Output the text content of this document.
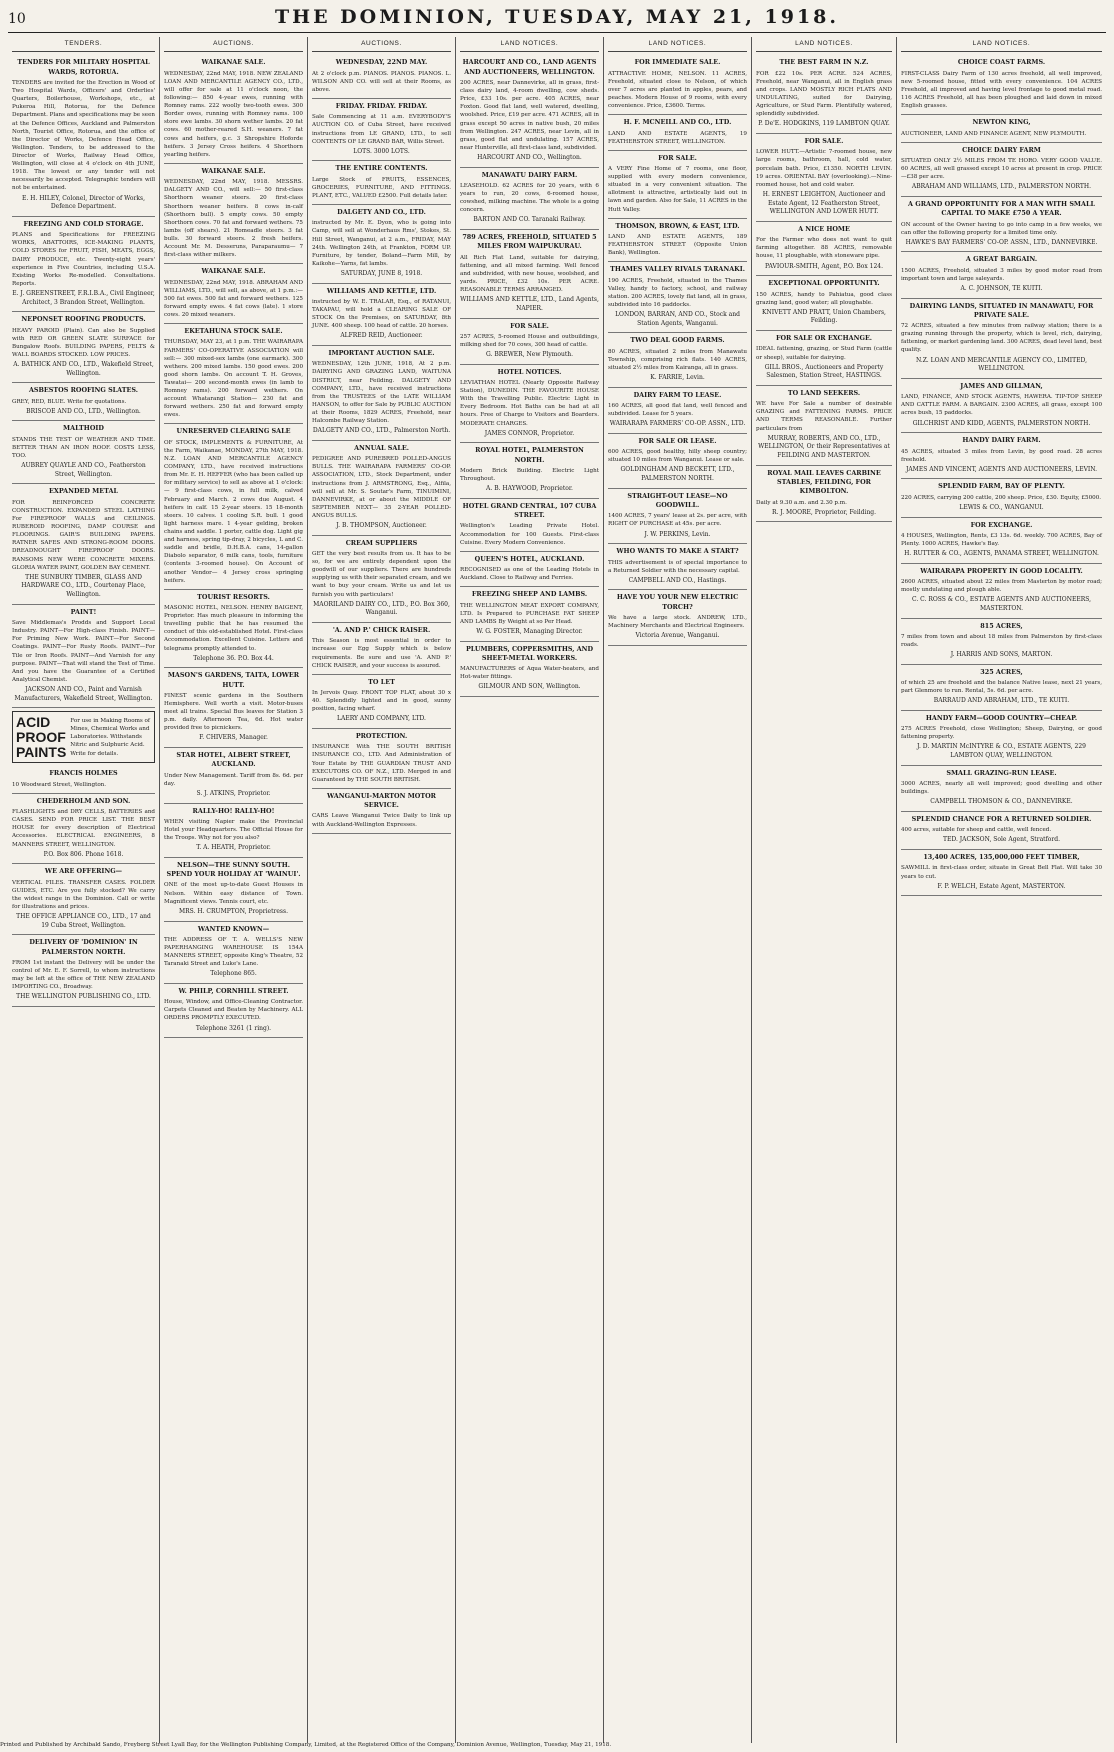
10	THE DOMINION, TUESDAY, MAY 21, 1918.
TENDERS.
TENDERS FOR MILITARY HOSPITAL WARDS, ROTORUA.
TENDERS are invited for the Erection in Wood of Two Hospital Wards, Officers' and Orderlies' Quarters, Boilerhouse, Workshops, etc., at Pukeroa Hill, Rotorua, for the Defence Department. Plans and specifications may be seen at the Defence Offices, Auckland and Palmerston North, Tourist Office, Rotorua, and the office of the Director of Works, Defence Head Office, Wellington. Tenders, to be addressed to the Director of Works, Railway Head Office, Wellington, will close at 4 o'clock on 4th JUNE, 1918. The lowest or any tender will not necessarily be accepted. Telegraphic tenders will not be entertained.
E. H. HILEY, Colonel, Director of Works, Defence Department.
FREEZING AND COLD STORAGE.
PLANS and Specifications for FREEZING WORKS, ABATTOIRS, ICE-MAKING PLANTS, COLD STORES for FRUIT, FISH, MEATS, EGGS, DAIRY PRODUCE, etc. Twenty-eight years' experience in Five Countries, including U.S.A. Existing Works Re-modelled. Consultations. Reports.
E. J. GREENSTREET, F.R.I.B.A., Civil Engineer, Architect, 3 Brandon Street, Wellington.
NEPONSET ROOFING PRODUCTS.
HEAVY PAROID (Plain). Can also be Supplied with RED OR GREEN SLATE SURFACE for Bungalow Roofs. BUILDING PAPERS, FELTS & WALL BOARDS STOCKED. LOW PRICES.
A. BATHICK AND CO., LTD., Wakefield Street, Wellington.
ASBESTOS ROOFING SLATES.
GREY, RED, BLUE. Write for quotations.
BRISCOE AND CO., LTD., Wellington.
MALTHOID
STANDS THE TEST OF WEATHER AND TIME. BETTER THAN AN IRON ROOF. COSTS LESS, TOO.
AUBREY QUAYLE AND CO., Featherston Street, Wellington.
EXPANDED METAL
FOR REINFORCED CONCRETE CONSTRUCTION. EXPANDED STEEL LATHING For FIREPROOF WALLS and CEILINGS. RUBEROID ROOFING, DAMP COURSE and FLOORINGS. GAIR'S BUILDING PAPERS. RATNER SAFES AND STRONG-ROOM DOORS. DREADNOUGHT FIREPROOF DOORS. RANSOMS NEW WERE CONCRETE MIXERS. GLORIA WATER PAINT, GOLDEN BAY CEMENT.
THE SUNBURY TIMBER, GLASS AND HARDWARE CO., LTD., Courtenay Place, Wellington.
PAINT!
Save Middlemas's Prodds and Support Local Industry. PAINT—For High-class Finish. PAINT—For Priming New Work. PAINT—For Second Coatings. PAINT—For Rusty Roofs. PAINT—For Tile or Iron Roofs. PAINT—And Varnish for any purpose. PAINT—That will stand the Test of Time. And you have the Guarantee of a Certified Analytical Chemist.
JACKSON AND CO., Paint and Varnish Manufacturers, Wakefield Street, Wellington.
ACID PROOF PAINTS
For use in Making Rooms of Mines, Chemical Works and Laboratories. Withstands Nitric and Sulphuric Acid. Write for details.
FRANCIS HOLMES
10 Woodward Street, Wellington.
CHEDERHOLM AND SON.
FLASHLIGHTS and DRY CELLS, BATTERIES and CASES. SEND FOR PRICE LIST. THE BEST HOUSE for every description of Electrical Accessories. ELECTRICAL ENGINEERS, 8 MANNERS STREET, WELLINGTON.
P.O. Box 806. Phone 1618.
WE ARE OFFERING—
VERTICAL FILES. TRANSFER CASES. FOLDER GUIDES, ETC. Are you fully stocked? We carry the widest range in the Dominion. Call or write for illustrations and prices.
THE OFFICE APPLIANCE CO., LTD., 17 and 19 Cuba Street, Wellington.
DELIVERY OF 'DOMINION' IN PALMERSTON NORTH.
FROM 1st instant the Delivery will be under the control of Mr. E. F. Sorrell, to whom instructions may be left at the office of THE NEW ZEALAND IMPORTING CO., Broadway.
THE WELLINGTON PUBLISHING CO., LTD.
AUCTIONS.
WAIKANAE SALE.
WEDNESDAY, 22nd MAY, 1918. NEW ZEALAND LOAN AND MERCANTILE AGENCY CO., LTD., will offer for sale at 11 o'clock noon, the following:— 850 4-year ewes, running with Romney rams. 222 woolly two-tooth ewes. 300 Border owes, running with Romney rams. 100 store ewe lambs. 30 shorn wether lambs. 20 fat cows. 60 mother-reared S.H. weaners. 7 fat cows and heifers, g.c. 3 Shropshire Hoforde heifers. 3 Jersey Cross heifers. 4 Shorthorn yearling heifers.
WAIKANAE SALE.
WEDNESDAY, 22nd MAY, 1918. MESSRS. DALGETY AND CO., will sell:— 50 first-class Shorthorn weaner steers. 20 first-class Shorthorn weaner heifers. 8 cows in-calf (Shorthorn bull). 5 empty cows. 50 empty Shorthorn cows. 70 fat and forward wethers. 75 lambs (off shears). 21 Romeadle steers. 3 fat bulls. 30 forward steers. 2 fresh heifers. Account Mr. M. Desseruns, Paraparaumu— 7 first-class wither milkers.
WAIKANAE SALE.
WEDNESDAY, 22nd MAY, 1918. ABRAHAM AND WILLIAMS, LTD., will sell, as above, at 1 p.m.:— 500 fat ewes. 500 fat and forward wethers. 125 forward empty ewes. 4 fat cows (late). 1 store cows. 20 mixed weaners.
EKETAHUNA STOCK SALE.
THURSDAY, MAY 23, at 1 p.m. THE WAIRARAPA FARMERS' CO-OPERATIVE ASSOCIATION will sell:— 300 mixed-sex lambs (one earmark). 300 wethers. 200 mixed lambs. 150 good ewes. 200 good shorn lambs. On account T. H. Groves, Tawatai— 200 second-month ewes (in lamb to Romney rams). 200 forward wethers. On account Whatarangi Station— 230 fat and forward wethers. 250 fat and forward empty ewes.
UNRESERVED CLEARING SALE
OF STOCK, IMPLEMENTS & FURNITURE, At the Farm, Waikanae, MONDAY, 27th MAY, 1918. N.Z. LOAN AND MERCANTILE AGENCY COMPANY, LTD., have received instructions from Mr. E. H. HEFFER (who has been called up for military service) to sell as above at 1 o'clock:— 9 first-class cows, in full milk, calved February and March. 2 cows due August. 4 heifers in calf. 15 2-year steers. 15 18-month steers. 10 calves. 1 cooling S.R. bull. 1 good light harness mare. 1 4-year gelding, broken chains and saddle. 1 porter, cattle dog. Light gig and harness, spring tip-dray, 2 bicycles, L and C. saddle and bridle, D.H.B.A. cans, 14-gallon Diabolo separator, 6 milk cans, tools, furniture (contents 3-roomed house). On Account of another Vendor— 4 Jersey cross springing heifers.
TOURIST RESORTS.
MASONIC HOTEL, NELSON. HENRY BAIGENT, Proprietor. Has much pleasure in informing the travelling public that he has resumed the conduct of this old-established Hotel. First-class Accommodation. Excellent Cuisine. Letters and telegrams promptly attended to.
Telephone 36. P.O. Box 44.
MASON'S GARDENS, TAITA, LOWER HUTT.
FINEST scenic gardens in the Southern Hemisphere. Well worth a visit. Motor-buses meet all trains. Special Bus leaves for Station 3 p.m. daily. Afternoon Tea, 6d. Hot water provided free to picnickers.
F. CHIVERS, Manager.
STAR HOTEL, ALBERT STREET, AUCKLAND.
Under New Management. Tariff from 8s. 6d. per day.
S. J. ATKINS, Proprietor.
RALLY-HO! RALLY-HO!
WHEN visiting Napier make the Provincial Hotel your Headquarters. The Official House for the Troops. Why not for you also?
T. A. HEATH, Proprietor.
NELSON—THE SUNNY SOUTH. SPEND YOUR HOLIDAY AT 'WAINUI'.
ONE of the most up-to-date Guest Houses in Nelson. Within easy distance of Town. Magnificent views. Tennis court, etc.
MRS. H. CRUMPTON, Proprietress.
WANTED KNOWN—
THE ADDRESS OF T. A. WELLS'S NEW PAPERHANGING WAREHOUSE IS 154A MANNERS STREET, opposite King's Theatre, 52 Taranaki Street and Luke's Lane.
Telephone 865.
W. PHILP, CORNHILL STREET.
House, Window, and Office-Cleaning Contractor. Carpets Cleaned and Beaten by Machinery. ALL ORDERS PROMPTLY EXECUTED.
Telephone 3261 (1 ring).
AUCTIONS.
WEDNESDAY, 22ND MAY.
At 2 o'clock p.m. PIANOS. PIANOS. PIANOS. L. WILSON AND CO. will sell at their Rooms, as above.
FRIDAY. FRIDAY. FRIDAY.
Sale Commencing at 11 a.m. EVERYBODY'S AUCTION CO. of Cuba Street, have received instructions from LE GRAND, LTD., to sell CONTENTS OF LE GRAND BAR, Willis Street.
LOTS. 3000 LOTS.
THE ENTIRE CONTENTS.
Large Stock of FRUITS, ESSENCES, GROCERIES, FURNITURE, AND FITTINGS. PLANT, ETC., VALUED £2500. Full details later.
DALGETY AND CO., LTD.
instructed by Mr. E. Dyon, who is going into Camp, will sell at Wonderhaus Rms', Stokes, St. Hill Street, Wanganui, at 2 a.m., FRIDAY, MAY 24th. Wellington 24th, at Frankton, FORM UP. Furniture, by tender, Boland—Farm Mill, by Kaikohe—Yarns, fat lambs.
SATURDAY, JUNE 8, 1918.
WILLIAMS AND KETTLE, LTD.
instructed by W. E. TRALAR, Esq., of RATANUI, TAKAPAU, will hold a CLEARING SALE OF STOCK On the Premises, on SATURDAY, 8th JUNE. 400 sheep. 100 head of cattle. 20 horses.
ALFRED REID, Auctioneer.
IMPORTANT AUCTION SALE.
WEDNESDAY, 12th JUNE, 1918, At 2 p.m. DAIRYING AND GRAZING LAND, WAITUNA DISTRICT, near Feilding. DALGETY AND COMPANY, LTD., have received instructions from the TRUSTEES of the LATE WILLIAM HANSON, to offer for Sale by PUBLIC AUCTION at their Rooms, 1829 ACRES, Freehold, near Halcombe Railway Station.
DALGETY AND CO., LTD., Palmerston North.
ANNUAL SALE.
PEDIGREE AND PUREBRED POLLED-ANGUS BULLS. THE WAIRARAPA FARMERS' CO-OP. ASSOCIATION, LTD., Stock Department, under instructions from J. ARMSTRONG, Esq., Alfila, will sell at Mr. S. Soutar's Farm, TINUIMINI, DANNEVIRKE, at or about the MIDDLE OF SEPTEMBER NEXT— 35 2-YEAR POLLED-ANGUS BULLS.
J. B. THOMPSON, Auctioneer.
CREAM SUPPLIERS
GET the very best results from us. It has to be so, for we are entirely dependent upon the goodwill of our suppliers. There are hundreds supplying us with their separated cream, and we want to buy your cream. Write us and let us furnish you with particulars!
MAORILAND DAIRY CO., LTD., P.O. Box 360, Wanganui.
'A. AND P.' CHICK RAISER.
This Season is most essential in order to increase our Egg Supply which is below requirements. Be sure and use 'A. AND P.' CHICK RAISER, and your success is assured.
TO LET
In Jervois Quay. FRONT TOP FLAT, about 30 x 40. Splendidly lighted and in good, sunny position, facing wharf.
LAERY AND COMPANY, LTD.
PROTECTION.
INSURANCE With THE SOUTH BRITISH INSURANCE CO., LTD. And Administration of Your Estate by THE GUARDIAN TRUST AND EXECUTORS CO. OF N.Z., LTD. Merged in and Guaranteed by THE SOUTH BRITISH.
WANGANUI-MARTON MOTOR SERVICE.
CARS Leave Wanganui Twice Daily to link up with Auckland-Wellington Expresses.
LAND NOTICES.
HARCOURT AND CO., LAND AGENTS AND AUCTIONEERS, WELLINGTON.
200 ACRES, near Dannevirke, all in grass, first-class dairy land, 4-room dwelling, cow sheds. Price, £33 10s. per acre. 405 ACRES, near Foxton. Good flat land, well watered, dwelling, woolshed. Price, £19 per acre. 471 ACRES, all in grass except 50 acres in native bush, 20 miles from Wellington. 247 ACRES, near Levin, all in grass, good flat and undulating. 157 ACRES, near Hunterville, all first-class land, subdivided.
HARCOURT AND CO., Wellington.
MANAWATU DAIRY FARM.
LEASEHOLD. 62 ACRES for 20 years, with 6 years to run, 20 cows, 6-roomed house, cowshed, milking machine. The whole is a going concern.
BARTON AND CO. Taranaki Railway.
789 ACRES, FREEHOLD, SITUATED 5 MILES FROM WAIPUKURAU.
All Rich Flat Land, suitable for dairying, fattening, and all mixed farming. Well fenced and subdivided, with new house, woolshed, and yards. PRICE, £32 10s. PER ACRE. REASONABLE TERMS ARRANGED.
WILLIAMS AND KETTLE, LTD., Land Agents, NAPIER.
FOR SALE.
257 ACRES, 5-roomed House and outbuildings, milking shed for 70 cows, 300 head of cattle.
G. BREWER, New Plymouth.
HOTEL NOTICES.
LEVIATHAN HOTEL (Nearly Opposite Railway Station), DUNEDIN. THE FAVOURITE HOUSE With the Travelling Public. Electric Light in Every Bedroom. Hot Baths can be had at all hours. Free of Charge to Visitors and Boarders. MODERATE CHARGES.
JAMES CONNOR, Proprietor.
ROYAL HOTEL, PALMERSTON NORTH.
Modern Brick Building. Electric Light Throughout.
A. B. HAYWOOD, Proprietor.
HOTEL GRAND CENTRAL, 107 CUBA STREET.
Wellington's Leading Private Hotel. Accommodation for 100 Guests. First-class Cuisine. Every Modern Convenience.
QUEEN'S HOTEL, AUCKLAND.
RECOGNISED as one of the Leading Hotels in Auckland. Close to Railway and Ferries.
FREEZING SHEEP AND LAMBS.
THE WELLINGTON MEAT EXPORT COMPANY, LTD. Is Prepared to PURCHASE FAT SHEEP AND LAMBS By Weight at so Per Head.
W. G. FOSTER, Managing Director.
PLUMBERS, COPPERSMITHS, AND SHEET-METAL WORKERS.
MANUFACTURERS of Aqua Water-heaters, and Hot-water fittings.
GILMOUR AND SON, Wellington.
LAND NOTICES.
FOR IMMEDIATE SALE.
ATTRACTIVE HOME, NELSON. 11 ACRES, Freehold, situated close to Nelson, of which over 7 acres are planted in apples, pears, and peaches. Modern House of 9 rooms, with every convenience. Price, £3600. Terms.
H. F. MCNEILL AND CO., LTD.
LAND AND ESTATE AGENTS, 19 FEATHERSTON STREET, WELLINGTON.
FOR SALE.
A VERY Fine Home of 7 rooms, one floor, supplied with every modern convenience, situated in a very convenient situation. The allotment is attractive, artistically laid out in lawn and garden. Also for Sale, 11 ACRES in the Hutt Valley.
THOMSON, BROWN, & EAST, LTD.
LAND AND ESTATE AGENTS, 189 FEATHERSTON STREET (Opposite Union Bank), Wellington.
THAMES VALLEY RIVALS TARANAKI.
190 ACRES, Freehold, situated in the Thames Valley, handy to factory, school, and railway station. 200 ACRES, lovely flat land, all in grass, subdivided into 16 paddocks.
LONDON, BARRAN, AND CO., Stock and Station Agents, Wanganui.
TWO DEAL GOOD FARMS.
80 ACRES, situated 2 miles from Manawatu Township, comprising rich flats. 140 ACRES, situated 2½ miles from Kairanga, all in grass.
K. FARRIE, Levin.
DAIRY FARM TO LEASE.
160 ACRES, all good flat land, well fenced and subdivided. Lease for 5 years.
WAIRARAPA FARMERS' CO-OP. ASSN., LTD.
FOR SALE OR LEASE.
600 ACRES, good healthy, hilly sheep country; situated 10 miles from Wanganui. Lease or sale.
GOLDINGHAM AND BECKETT, LTD., PALMERSTON NORTH.
STRAIGHT-OUT LEASE—NO GOODWILL.
1400 ACRES, 7 years' lease at 2s. per acre, with RIGHT OF PURCHASE at 45s. per acre.
J. W. PERKINS, Levin.
WHO WANTS TO MAKE A START?
THIS advertisement is of special importance to a Returned Soldier with the necessary capital.
CAMPBELL AND CO., Hastings.
HAVE YOU YOUR NEW ELECTRIC TORCH?
We have a large stock. ANDREW, LTD., Machinery Merchants and Electrical Engineers.
Victoria Avenue, Wanganui.
LAND NOTICES.
THE BEST FARM IN N.Z.
FOR £22 10s. PER ACRE. 524 ACRES, Freehold, near Wanganui, all in English grass and crops. LAND MOSTLY RICH FLATS AND UNDULATING, suited for Dairying, Agriculture, or Stud Farm. Plentifully watered, splendidly subdivided.
P. De'E. HODGKINS, 119 LAMBTON QUAY.
FOR SALE.
LOWER HUTT.—Artistic 7-roomed house, new large rooms, bathroom, hall, cold water, porcelain bath. Price, £1350. NORTH LEVIN. 19 acres. ORIENTAL BAY (overlooking).—Nine-roomed house, hot and cold water.
H. ERNEST LEIGHTON, Auctioneer and Estate Agent, 12 Featherston Street, WELLINGTON AND LOWER HUTT.
A NICE HOME
For the Farmer who does not want to quit farming altogether. 88 ACRES, removable house, 11 ploughable, with stoneware pipe.
PAVIOUR-SMITH, Agent, P.O. Box 124.
EXCEPTIONAL OPPORTUNITY.
150 ACRES, handy to Pahiatua, good class grazing land, good water; all ploughable.
KNIVETT AND PRATT, Union Chambers, Feilding.
FOR SALE OR EXCHANGE.
IDEAL fattening, grazing, or Stud Farm (cattle or sheep), suitable for dairying.
GILL BROS., Auctioneers and Property Salesmen, Station Street, HASTINGS.
TO LAND SEEKERS.
WE have For Sale a number of desirable GRAZING and FATTENING FARMS. PRICE AND TERMS REASONABLE. Further particulars from
MURRAY, ROBERTS, AND CO., LTD., WELLINGTON, Or their Representatives at FEILDING AND MASTERTON.
ROYAL MAIL LEAVES CARBINE STABLES, FEILDING, FOR KIMBOLTON.
Daily at 9.30 a.m. and 2.30 p.m.
R. J. MOORE, Proprietor, Feilding.
LAND NOTICES.
CHOICE COAST FARMS.
FIRST-CLASS Dairy Farm of 130 acres freehold, all well improved, new 5-roomed house, fitted with every convenience. 104 ACRES Freehold, all improved and having level frontage to good metal road. 116 ACRES Freehold, all has been ploughed and laid down in mixed English grasses.
NEWTON KING,
AUCTIONEER, LAND AND FINANCE AGENT, NEW PLYMOUTH.
CHOICE DAIRY FARM
SITUATED ONLY 2½ MILES FROM TE HORO. VERY GOOD VALUE. 60 ACRES, all well grassed except 10 acres at present in crop. PRICE—£38 per acre.
ABRAHAM AND WILLIAMS, LTD., PALMERSTON NORTH.
A GRAND OPPORTUNITY FOR A MAN WITH SMALL CAPITAL TO MAKE £750 A YEAR.
ON account of the Owner having to go into camp in a few weeks, we can offer the following property for a limited time only.
HAWKE'S BAY FARMERS' CO-OP. ASSN., LTD., DANNEVIRKE.
A GREAT BARGAIN.
1500 ACRES, Freehold, situated 3 miles by good motor road from important town and large saleyards.
A. C. JOHNSON, TE KUITI.
DAIRYING LANDS, SITUATED IN MANAWATU, FOR PRIVATE SALE.
72 ACRES, situated a few minutes from railway station; there is a grazing running through the property, which is level, rich, dairying, fattening, or market gardening land. 300 ACRES, dead level land, best quality.
N.Z. LOAN AND MERCANTILE AGENCY CO., LIMITED, WELLINGTON.
JAMES AND GILLMAN,
LAND, FINANCE, AND STOCK AGENTS, HAWERA. TIP-TOP SHEEP AND CATTLE FARM. A BARGAIN. 2300 ACRES, all grass, except 100 acres bush, 15 paddocks.
GILCHRIST AND KIDD, AGENTS, PALMERSTON NORTH.
HANDY DAIRY FARM.
45 ACRES, situated 3 miles from Levin, by good road. 28 acres freehold.
JAMES AND VINCENT, AGENTS AND AUCTIONEERS, LEVIN.
SPLENDID FARM, BAY OF PLENTY.
220 ACRES, carrying 200 cattle, 200 sheep. Price, £30. Equity, £5000.
LEWIS & CO., WANGANUI.
FOR EXCHANGE.
4 HOUSES, Wellington, Rents, £3 13s. 6d. weekly. 700 ACRES, Bay of Plenty. 1000 ACRES, Hawke's Bay.
H. RUTTER & CO., AGENTS, PANAMA STREET, WELLINGTON.
WAIRARAPA PROPERTY IN GOOD LOCALITY.
2600 ACRES, situated about 22 miles from Masterton by motor road; mostly undulating and plough able.
C. C. ROSS & CO., ESTATE AGENTS AND AUCTIONEERS, MASTERTON.
815 ACRES,
7 miles from town and about 18 miles from Palmerston by first-class roads.
J. HARRIS AND SONS, MARTON.
325 ACRES,
of which 25 are freehold and the balance Native lease, next 21 years, part Glenmore to run. Rental, 5s. 6d. per acre.
BARRAUD AND ABRAHAM, LTD., TE KUITI.
HANDY FARM—GOOD COUNTRY—CHEAP.
275 ACRES Freehold, close Wellington; Sheep, Dairying, or good fattening property.
J. D. MARTIN McINTYRE & CO., ESTATE AGENTS, 229 LAMBTON QUAY, WELLINGTON.
SMALL GRAZING-RUN LEASE.
3000 ACRES, nearly all well improved; good dwelling and other buildings.
CAMPBELL THOMSON & CO., DANNEVIRKE.
SPLENDID CHANCE FOR A RETURNED SOLDIER.
400 acres, suitable for sheep and cattle, well fenced.
TED. JACKSON, Sole Agent, Stratford.
13,400 ACRES, 135,000,000 FEET TIMBER,
SAWMILL in first-class order, situate in Great Bell Flat. Will take 30 years to cut.
F. P. WELCH, Estate Agent, MASTERTON.
Printed and Published by Archibald Sando, Freyberg Street Lyall Bay, for the Wellington Publishing Company, Limited, at the Registered Office of the Company, Dominion Avenue, Wellington, Tuesday, May 21, 1918.
